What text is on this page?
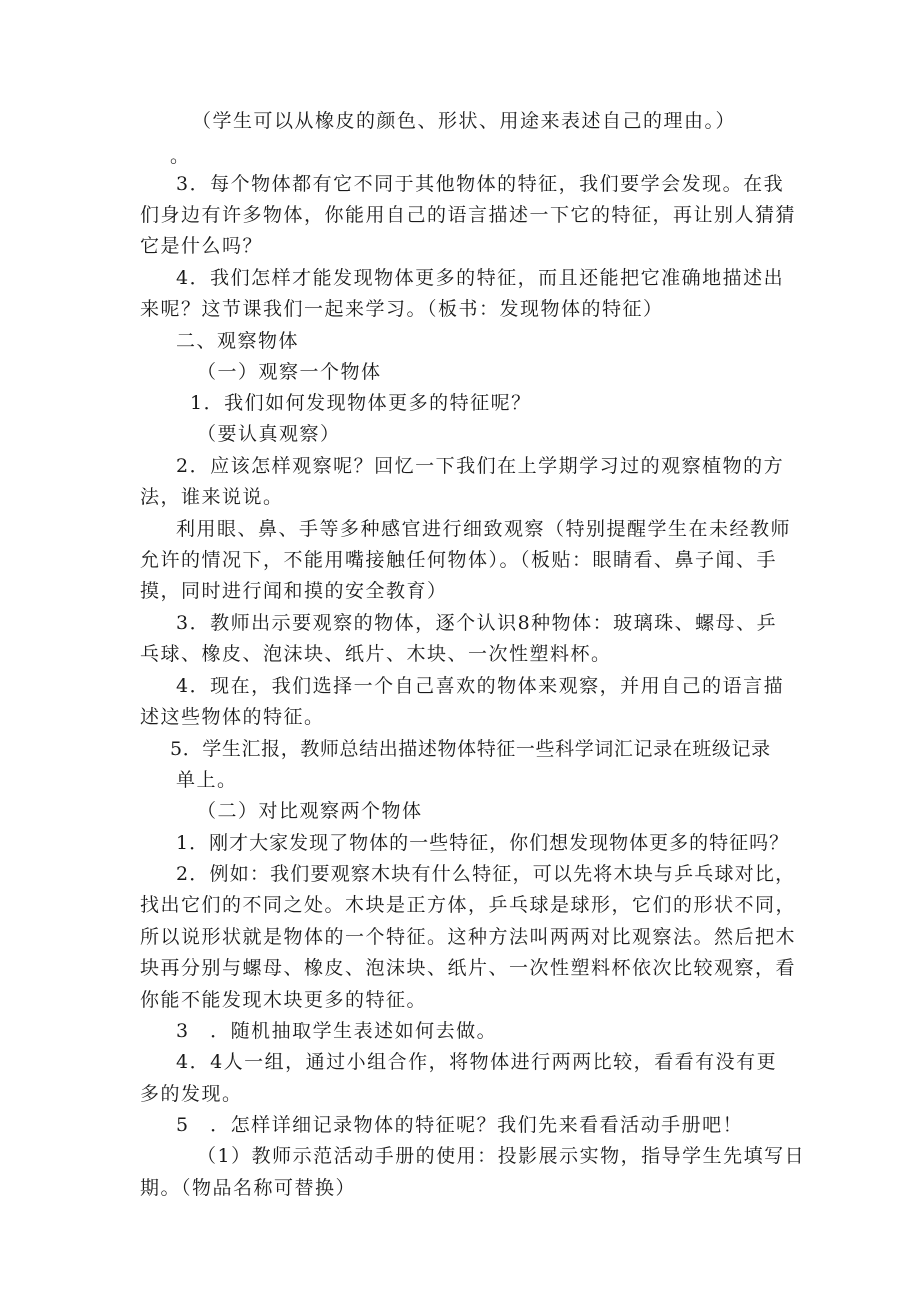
（学生可以从橡皮的颜色、形状、用途来表述自己的理由。）
。
3．每个物体都有它不同于其他物体的特征，我们要学会发现。在我
们身边有许多物体，你能用自己的语言描述一下它的特征，再让别人猜猜
它是什么吗？
4．我们怎样才能发现物体更多的特征，而且还能把它准确地描述出
来呢？这节课我们一起来学习。（板书：发现物体的特征）
二、观察物体
（一）观察一个物体
1．我们如何发现物体更多的特征呢？
（要认真观察）
2．应该怎样观察呢？回忆一下我们在上学期学习过的观察植物的方
法，谁来说说。
利用眼、鼻、手等多种感官进行细致观察（特别提醒学生在未经教师
允许的情况下，不能用嘴接触任何物体）。（板贴：眼睛看、鼻子闻、手
摸，同时进行闻和摸的安全教育）
3．教师出示要观察的物体，逐个认识8种物体：玻璃珠、螺母、乒
乓球、橡皮、泡沫块、纸片、木块、一次性塑料杯。
4．现在，我们选择一个自己喜欢的物体来观察，并用自己的语言描
述这些物体的特征。
5．学生汇报，教师总结出描述物体特征一些科学词汇记录在班级记录
单上。
（二）对比观察两个物体
1．刚才大家发现了物体的一些特征，你们想发现物体更多的特征吗？
2．例如：我们要观察木块有什么特征，可以先将木块与乒乓球对比，
找出它们的不同之处。木块是正方体，乒乓球是球形，它们的形状不同，
所以说形状就是物体的一个特征。这种方法叫两两对比观察法。然后把木
块再分别与螺母、橡皮、泡沫块、纸片、一次性塑料杯依次比较观察，看
你能不能发现木块更多的特征。
3　．随机抽取学生表述如何去做。
4．4人一组，通过小组合作，将物体进行两两比较，看看有没有更
多的发现。
5　．怎样详细记录物体的特征呢？我们先来看看活动手册吧！
（1）教师示范活动手册的使用：投影展示实物，指导学生先填写日
期。（物品名称可替换）
